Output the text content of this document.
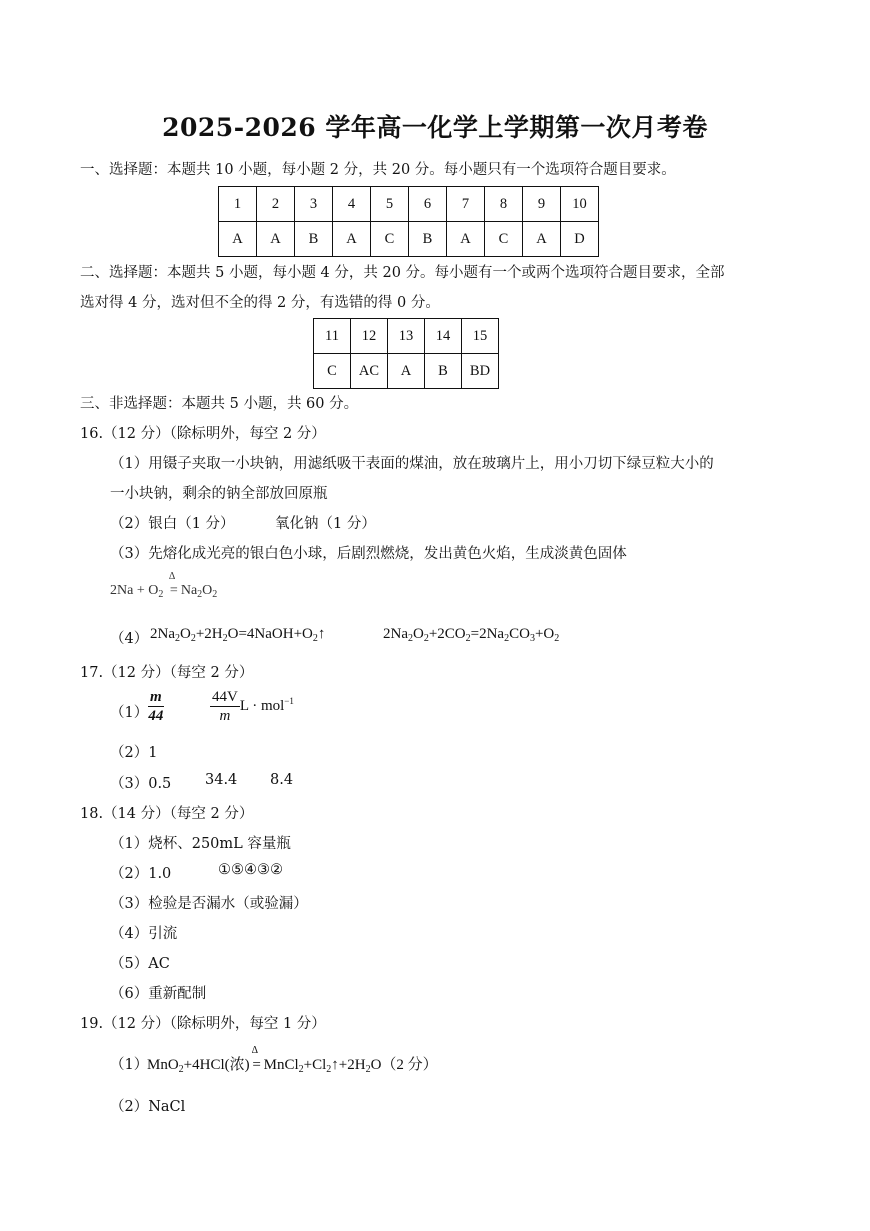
2025-2026 学年高一化学上学期第一次月考卷
一、选择题：本题共 10 小题，每小题 2 分，共 20 分。每小题只有一个选项符合题目要求。
1	2	3	4	5	6	7	8	9	10
A	A	B	A	C	B	A	C	A	D
二、选择题：本题共 5 小题，每小题 4 分，共 20 分。每小题有一个或两个选项符合题目要求，全部
选对得 4 分，选对但不全的得 2 分，有选错的得 0 分。
11	12	13	14	15
C	AC	A	B	BD
三、非选择题：本题共 5 小题，共 60 分。
16.（12 分）（除标明外，每空 2 分）
（1）用镊子夹取一小块钠，用滤纸吸干表面的煤油，放在玻璃片上，用小刀切下绿豆粒大小的
一小块钠，剩余的钠全部放回原瓶
（2）银白（1 分）	氧化钠（1 分）
（3）先熔化成光亮的银白色小球，后剧烈燃烧，发出黄色火焰，生成淡黄色固体
$2Na + O_2$
Δ
= $Na_2O_2$
（4） $2Na_2O_2+2H_2O=4NaOH+O_2↑$	$2Na_2O_2+2CO_2=2Na_2CO_3+O_2$
17.（12 分）（每空 2 分）
$(1) \frac{m}{44}$	$\frac{44V}{m}$ L · mol$^{-1}$
（2）1
（3）0.5 34.4 8.4
18.（14 分）（每空 2 分）
（1）烧杯、250mL 容量瓶
（2）1.0	①⑤④③②
（3）检验是否漏水（或验漏）
（4）引流
（5）AC
（6）重新配制
19.（12 分）（除标明外，每空 1 分）
（1）
MnO$_2$+4HCl(浓)
Δ
= $MnCl_2+Cl_2↑+2H_2O(2$ 分）
（2）NaCl
